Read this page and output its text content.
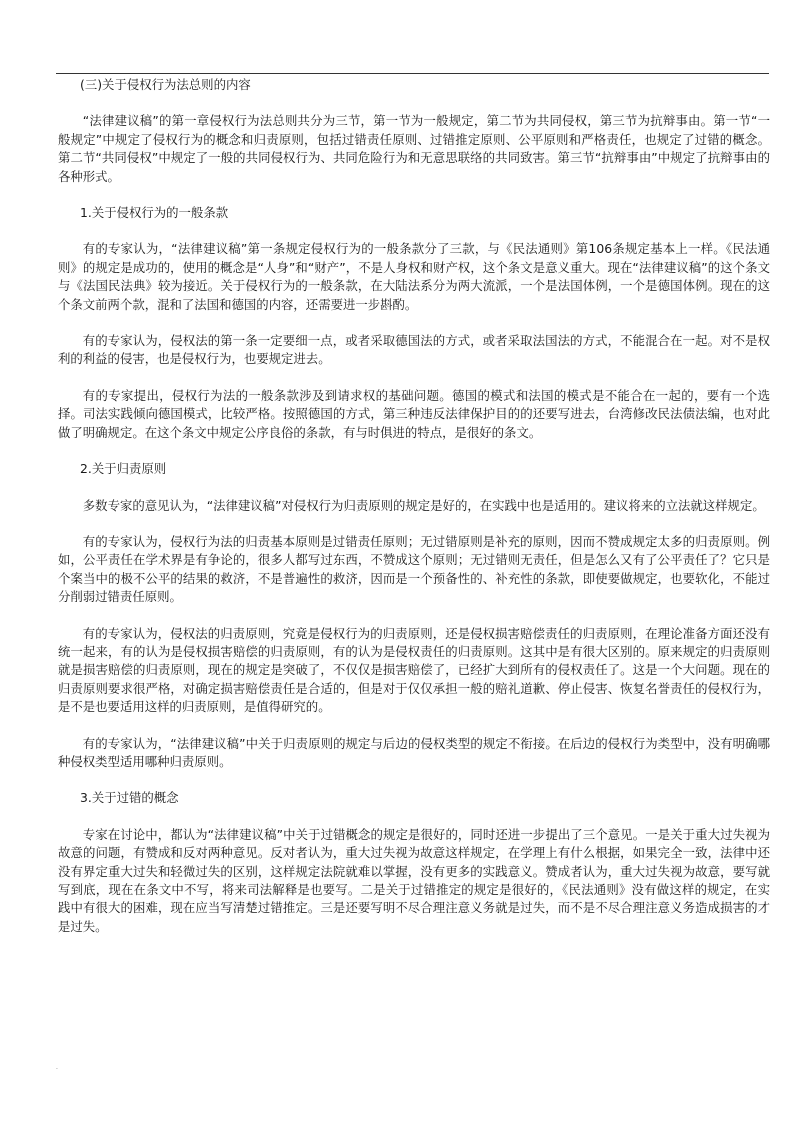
(三)关于侵权行为法总则的内容

“法律建议稿”的第一章侵权行为法总则共分为三节，第一节为一般规定，第二节为共同侵权，第三节为抗辩事由。第一节“一般规定”中规定了侵权行为的概念和归责原则，包括过错责任原则、过错推定原则、公平原则和严格责任，也规定了过错的概念。第二节“共同侵权”中规定了一般的共同侵权行为、共同危险行为和无意思联络的共同致害。第三节“抗辩事由”中规定了抗辩事由的各种形式。

1.关于侵权行为的一般条款

有的专家认为，“法律建议稿”第一条规定侵权行为的一般条款分了三款，与《民法通则》第106条规定基本上一样。《民法通则》的规定是成功的，使用的概念是“人身”和“财产”，不是人身权和财产权，这个条文是意义重大。现在“法律建议稿”的这个条文与《法国民法典》较为接近。关于侵权行为的一般条款，在大陆法系分为两大流派，一个是法国体例，一个是德国体例。现在的这个条文前两个款，混和了法国和德国的内容，还需要进一步斟酌。

有的专家认为，侵权法的第一条一定要细一点，或者采取德国法的方式，或者采取法国法的方式，不能混合在一起。对不是权利的利益的侵害，也是侵权行为，也要规定进去。

有的专家提出，侵权行为法的一般条款涉及到请求权的基础问题。德国的模式和法国的模式是不能合在一起的，要有一个选择。司法实践倾向德国模式，比较严格。按照德国的方式，第三种违反法律保护目的的还要写进去，台湾修改民法债法编，也对此做了明确规定。在这个条文中规定公序良俗的条款，有与时俱进的特点，是很好的条文。

2.关于归责原则

多数专家的意见认为，“法律建议稿”对侵权行为归责原则的规定是好的，在实践中也是适用的。建议将来的立法就这样规定。

有的专家认为，侵权行为法的归责基本原则是过错责任原则；无过错原则是补充的原则，因而不赞成规定太多的归责原则。例如，公平责任在学术界是有争论的，很多人都写过东西，不赞成这个原则；无过错则无责任，但是怎么又有了公平责任了？它只是个案当中的极不公平的结果的救济，不是普遍性的救济，因而是一个预备性的、补充性的条款，即使要做规定，也要软化，不能过分削弱过错责任原则。

有的专家认为，侵权法的归责原则，究竟是侵权行为的归责原则，还是侵权损害赔偿责任的归责原则，在理论准备方面还没有统一起来，有的认为是侵权损害赔偿的归责原则，有的认为是侵权责任的归责原则。这其中是有很大区别的。原来规定的归责原则就是损害赔偿的归责原则，现在的规定是突破了，不仅仅是损害赔偿了，已经扩大到所有的侵权责任了。这是一个大问题。现在的归责原则要求很严格，对确定损害赔偿责任是合适的，但是对于仅仅承担一般的赔礼道歉、停止侵害、恢复名誉责任的侵权行为，是不是也要适用这样的归责原则，是值得研究的。

有的专家认为，“法律建议稿”中关于归责原则的规定与后边的侵权类型的规定不衔接。在后边的侵权行为类型中，没有明确哪种侵权类型适用哪种归责原则。

3.关于过错的概念

专家在讨论中，都认为“法律建议稿”中关于过错概念的规定是很好的，同时还进一步提出了三个意见。一是关于重大过失视为故意的问题，有赞成和反对两种意见。反对者认为，重大过失视为故意这样规定，在学理上有什么根据，如果完全一致，法律中还没有界定重大过失和轻微过失的区别，这样规定法院就难以掌握，没有更多的实践意义。赞成者认为，重大过失视为故意，要写就写到底，现在在条文中不写，将来司法解释是也要写。二是关于过错推定的规定是很好的，《民法通则》没有做这样的规定，在实践中有很大的困难，现在应当写清楚过错推定。三是还要写明不尽合理注意义务就是过失，而不是不尽合理注意义务造成损害的才是过失。

.
